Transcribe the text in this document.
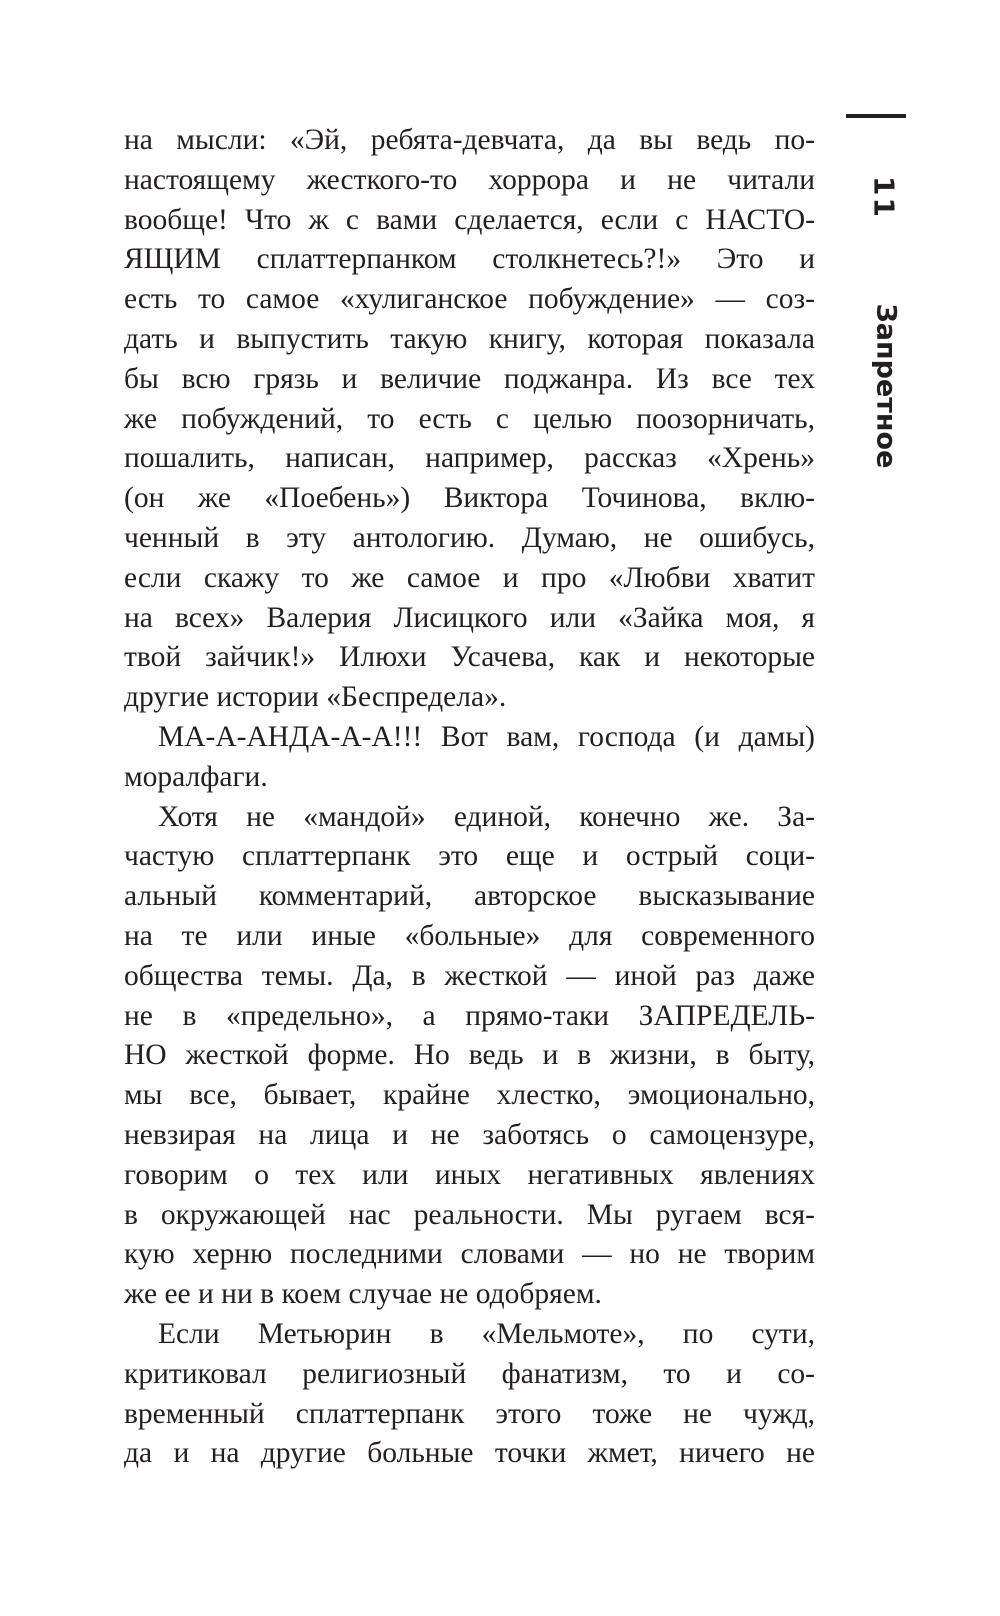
11
Запретное
на мысли: «Эй, ребята-девчата, да вы ведь по-
настоящему жесткого-то хоррора и не читали
вообще! Что ж с вами сделается, если с НАСТО-
ЯЩИМ сплаттерпанком столкнетесь?!» Это и
есть то самое «хулиганское побуждение» — соз-
дать и выпустить такую книгу, которая показала
бы всю грязь и величие поджанра. Из все тех
же побуждений, то есть с целью поозорничать,
пошалить, написан, например, рассказ «Хрень»
(он же «Поебень») Виктора Точинова, вклю-
ченный в эту антологию. Думаю, не ошибусь,
если скажу то же самое и про «Любви хватит
на всех» Валерия Лисицкого или «Зайка моя, я
твой зайчик!» Илюхи Усачева, как и некоторые
другие истории «Беспредела».
МА-А-АНДА-А-А!!! Вот вам, господа (и дамы)
моралфаги.
Хотя не «мандой» единой, конечно же. За-
частую сплаттерпанк это еще и острый соци-
альный комментарий, авторское высказывание
на те или иные «больные» для современного
общества темы. Да, в жесткой — иной раз даже
не в «предельно», а прямо-таки ЗАПРЕДЕЛЬ-
НО жесткой форме. Но ведь и в жизни, в быту,
мы все, бывает, крайне хлестко, эмоционально,
невзирая на лица и не заботясь о самоцензуре,
говорим о тех или иных негативных явлениях
в окружающей нас реальности. Мы ругаем вся-
кую херню последними словами — но не творим
же ее и ни в коем случае не одобряем.
Если Метьюрин в «Мельмоте», по сути,
критиковал религиозный фанатизм, то и со-
временный сплаттерпанк этого тоже не чужд,
да и на другие больные точки жмет, ничего не
